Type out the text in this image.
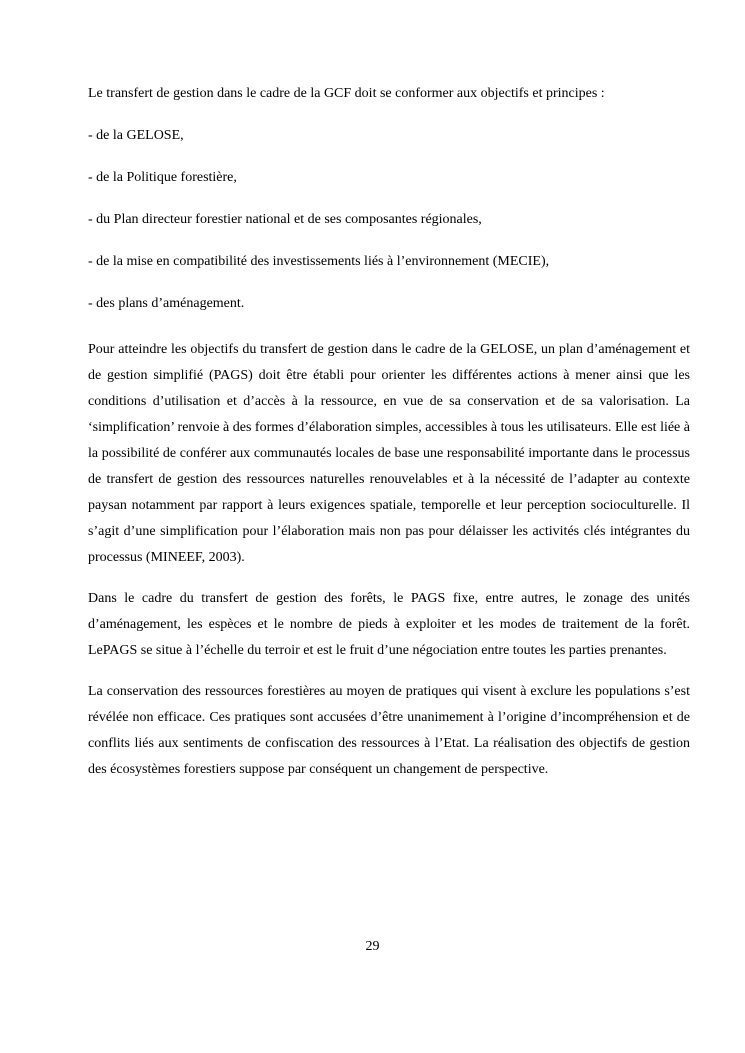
Le transfert de gestion dans le cadre de la GCF doit se conformer aux objectifs et principes :

- de la GELOSE,

- de la Politique forestière,

- du Plan directeur forestier national et de ses composantes régionales,

- de la mise en compatibilité des investissements liés à l’environnement (MECIE),

- des plans d’aménagement.

Pour atteindre les objectifs du transfert de gestion dans le cadre de la GELOSE, un plan d’aménagement et de gestion simplifié (PAGS) doit être établi pour orienter les différentes actions à mener ainsi que les conditions d’utilisation et d’accès à la ressource, en vue de sa conservation et de sa valorisation. La ‘simplification’ renvoie à des formes d’élaboration simples, accessibles à tous les utilisateurs. Elle est liée à la possibilité de conférer aux communautés locales de base une responsabilité importante dans le processus de transfert de gestion des ressources naturelles renouvelables et à la nécessité de l’adapter au contexte paysan notamment par rapport à leurs exigences spatiale, temporelle et leur perception socioculturelle. Il s’agit d’une simplification pour l’élaboration mais non pas pour délaisser les activités clés intégrantes du processus (MINEEF, 2003).

Dans le cadre du transfert de gestion des forêts, le PAGS fixe, entre autres, le zonage des unités d’aménagement, les espèces et le nombre de pieds à exploiter et les modes de traitement de la forêt. LePAGS se situe à l’échelle du terroir et est le fruit d’une négociation entre toutes les parties prenantes.

La conservation des ressources forestières au moyen de pratiques qui visent à exclure les populations s’est révélée non efficace. Ces pratiques sont accusées d’être unanimement à l’origine d’incompréhension et de conflits liés aux sentiments de confiscation des ressources à l’Etat. La réalisation des objectifs de gestion des écosystèmes forestiers suppose par conséquent un changement de perspective.

29
